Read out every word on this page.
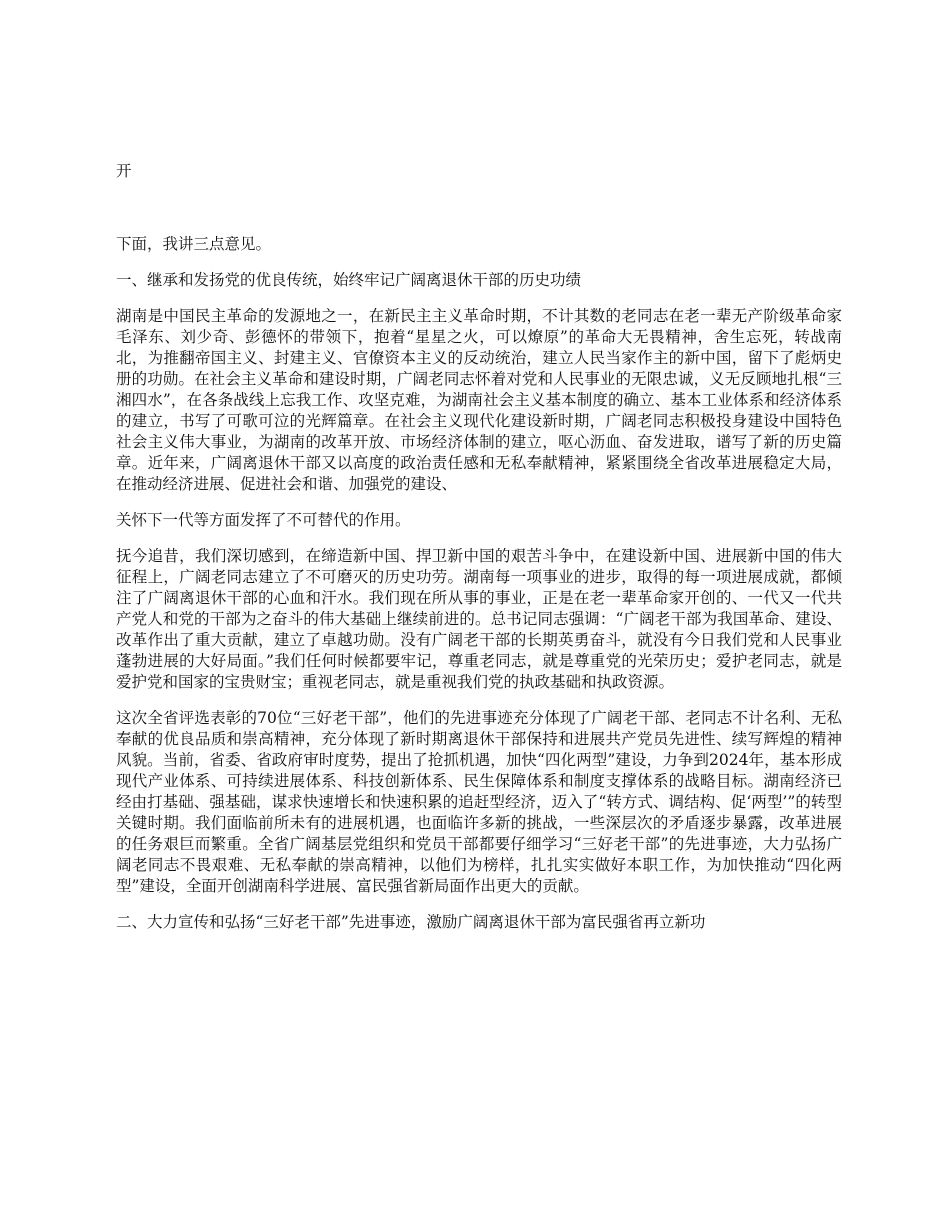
开

下面，我讲三点意见。

一、继承和发扬党的优良传统，始终牢记广阔离退休干部的历史功绩

湖南是中国民主革命的发源地之一，在新民主主义革命时期，不计其数的老同志在老一辈无产阶级革命家毛泽东、刘少奇、彭德怀的带领下，抱着“星星之火，可以燎原”的革命大无畏精神，舍生忘死，转战南北，为推翻帝国主义、封建主义、官僚资本主义的反动统治，建立人民当家作主的新中国，留下了彪炳史册的功勋。在社会主义革命和建设时期，广阔老同志怀着对党和人民事业的无限忠诚，义无反顾地扎根“三湘四水”，在各条战线上忘我工作、攻坚克难，为湖南社会主义基本制度的确立、基本工业体系和经济体系的建立，书写了可歌可泣的光辉篇章。在社会主义现代化建设新时期，广阔老同志积极投身建设中国特色社会主义伟大事业，为湖南的改革开放、市场经济体制的建立，呕心沥血、奋发进取，谱写了新的历史篇章。近年来，广阔离退休干部又以高度的政治责任感和无私奉献精神，紧紧围绕全省改革进展稳定大局，在推动经济进展、促进社会和谐、加强党的建设、

关怀下一代等方面发挥了不可替代的作用。

抚今追昔，我们深切感到，在缔造新中国、捍卫新中国的艰苦斗争中，在建设新中国、进展新中国的伟大征程上，广阔老同志建立了不可磨灭的历史功劳。湖南每一项事业的进步，取得的每一项进展成就，都倾注了广阔离退休干部的心血和汗水。我们现在所从事的事业，正是在老一辈革命家开创的、一代又一代共产党人和党的干部为之奋斗的伟大基础上继续前进的。总书记同志强调：“广阔老干部为我国革命、建设、改革作出了重大贡献，建立了卓越功勋。没有广阔老干部的长期英勇奋斗，就没有今日我们党和人民事业蓬勃进展的大好局面。”我们任何时候都要牢记，尊重老同志，就是尊重党的光荣历史；爱护老同志，就是爱护党和国家的宝贵财宝；重视老同志，就是重视我们党的执政基础和执政资源。

这次全省评选表彰的70位“三好老干部”，他们的先进事迹充分体现了广阔老干部、老同志不计名利、无私奉献的优良品质和崇高精神，充分体现了新时期离退休干部保持和进展共产党员先进性、续写辉煌的精神风貌。当前，省委、省政府审时度势，提出了抢抓机遇，加快“四化两型”建设，力争到2024年，基本形成现代产业体系、可持续进展体系、科技创新体系、民生保障体系和制度支撑体系的战略目标。湖南经济已经由打基础、强基础，谋求快速增长和快速积累的追赶型经济，迈入了“转方式、调结构、促‘两型’”的转型关键时期。我们面临前所未有的进展机遇，也面临许多新的挑战，一些深层次的矛盾逐步暴露，改革进展的任务艰巨而繁重。全省广阔基层党组织和党员干部都要仔细学习“三好老干部”的先进事迹，大力弘扬广阔老同志不畏艰难、无私奉献的崇高精神，以他们为榜样，扎扎实实做好本职工作，为加快推动“四化两型”建设，全面开创湖南科学进展、富民强省新局面作出更大的贡献。

二、大力宣传和弘扬“三好老干部”先进事迹，激励广阔离退休干部为富民强省再立新功
